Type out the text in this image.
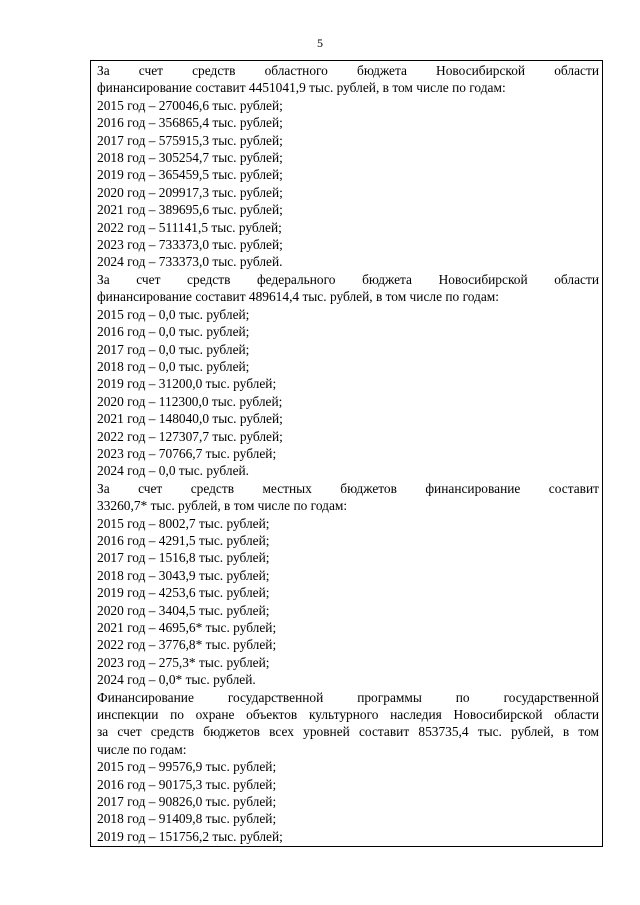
5
За счет средств областного бюджета Новосибирской области
финансирование составит 4451041,9 тыс. рублей, в том числе по годам:
2015 год – 270046,6 тыс. рублей;
2016 год – 356865,4 тыс. рублей;
2017 год – 575915,3 тыс. рублей;
2018 год – 305254,7 тыс. рублей;
2019 год – 365459,5 тыс. рублей;
2020 год – 209917,3 тыс. рублей;
2021 год – 389695,6 тыс. рублей;
2022 год – 511141,5 тыс. рублей;
2023 год – 733373,0 тыс. рублей;
2024 год – 733373,0 тыс. рублей.
За счет средств федерального бюджета Новосибирской области
финансирование составит 489614,4 тыс. рублей, в том числе по годам:
2015 год – 0,0 тыс. рублей;
2016 год – 0,0 тыс. рублей;
2017 год – 0,0 тыс. рублей;
2018 год – 0,0 тыс. рублей;
2019 год – 31200,0 тыс. рублей;
2020 год – 112300,0 тыс. рублей;
2021 год – 148040,0 тыс. рублей;
2022 год – 127307,7 тыс. рублей;
2023 год – 70766,7 тыс. рублей;
2024 год – 0,0 тыс. рублей.
За счет средств местных бюджетов финансирование составит
33260,7* тыс. рублей, в том числе по годам:
2015 год – 8002,7 тыс. рублей;
2016 год – 4291,5 тыс. рублей;
2017 год – 1516,8 тыс. рублей;
2018 год – 3043,9 тыс. рублей;
2019 год – 4253,6 тыс. рублей;
2020 год – 3404,5 тыс. рублей;
2021 год – 4695,6* тыс. рублей;
2022 год – 3776,8* тыс. рублей;
2023 год – 275,3* тыс. рублей;
2024 год – 0,0* тыс. рублей.
Финансирование государственной программы по государственной
инспекции по охране объектов культурного наследия Новосибирской области
за счет средств бюджетов всех уровней составит 853735,4 тыс. рублей, в том
числе по годам:
2015 год – 99576,9 тыс. рублей;
2016 год – 90175,3 тыс. рублей;
2017 год – 90826,0 тыс. рублей;
2018 год – 91409,8 тыс. рублей;
2019 год – 151756,2 тыс. рублей;
